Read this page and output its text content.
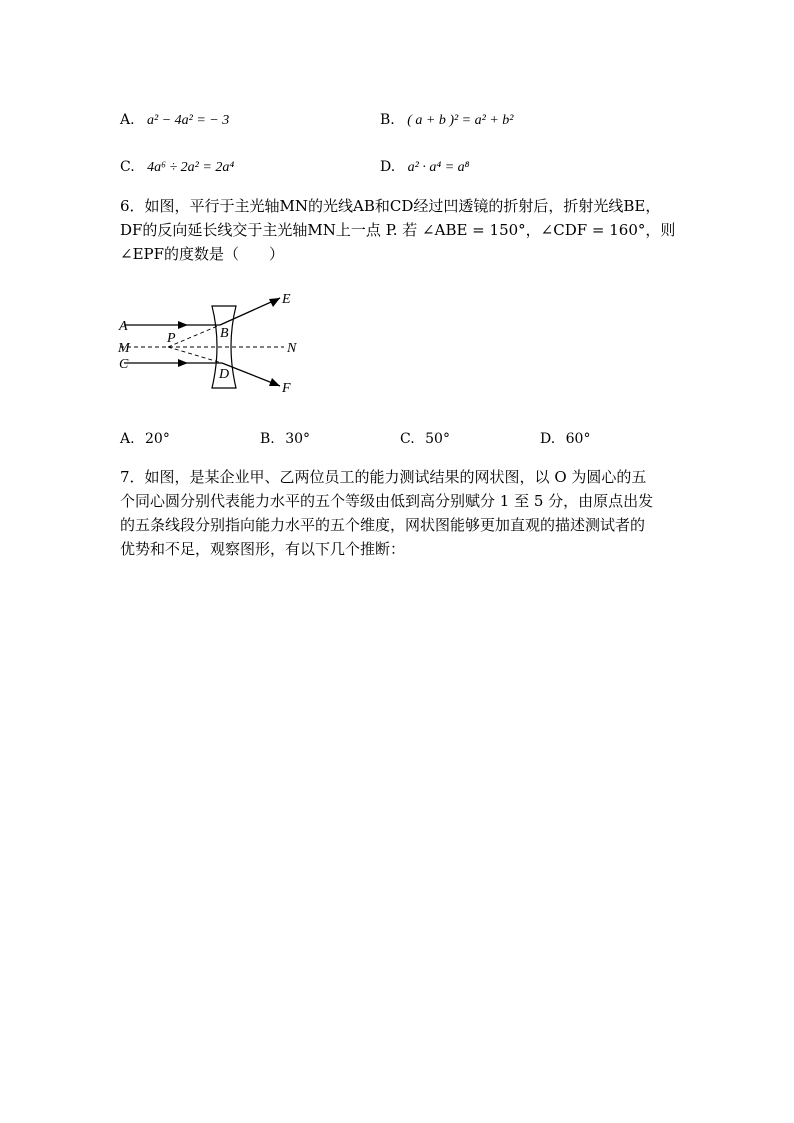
A. a² − 4a² = − 3	B. ( a + b )² = a² + b²
C. 4a⁶ ÷ 2a² = 2a⁴	D. a² · a⁴ = a⁸

6．如图，平行于主光轴MN的光线AB和CD经过凹透镜的折射后，折射光线BE，

DF的反向延长线交于主光轴MN上一点 P. 若 ∠ABE = 150°，∠CDF = 160°，则

∠EPF的度数是（　　）

A
M
C
P	B
D
E
N
F
A. 20°	B. 30°	C. 50°	D. 60°

7．如图，是某企业甲、乙两位员工的能力测试结果的网状图，以 O 为圆心的五

个同心圆分别代表能力水平的五个等级由低到高分别赋分 1 至 5 分，由原点出发

的五条线段分别指向能力水平的五个维度，网状图能够更加直观的描述测试者的

优势和不足，观察图形，有以下几个推断：
